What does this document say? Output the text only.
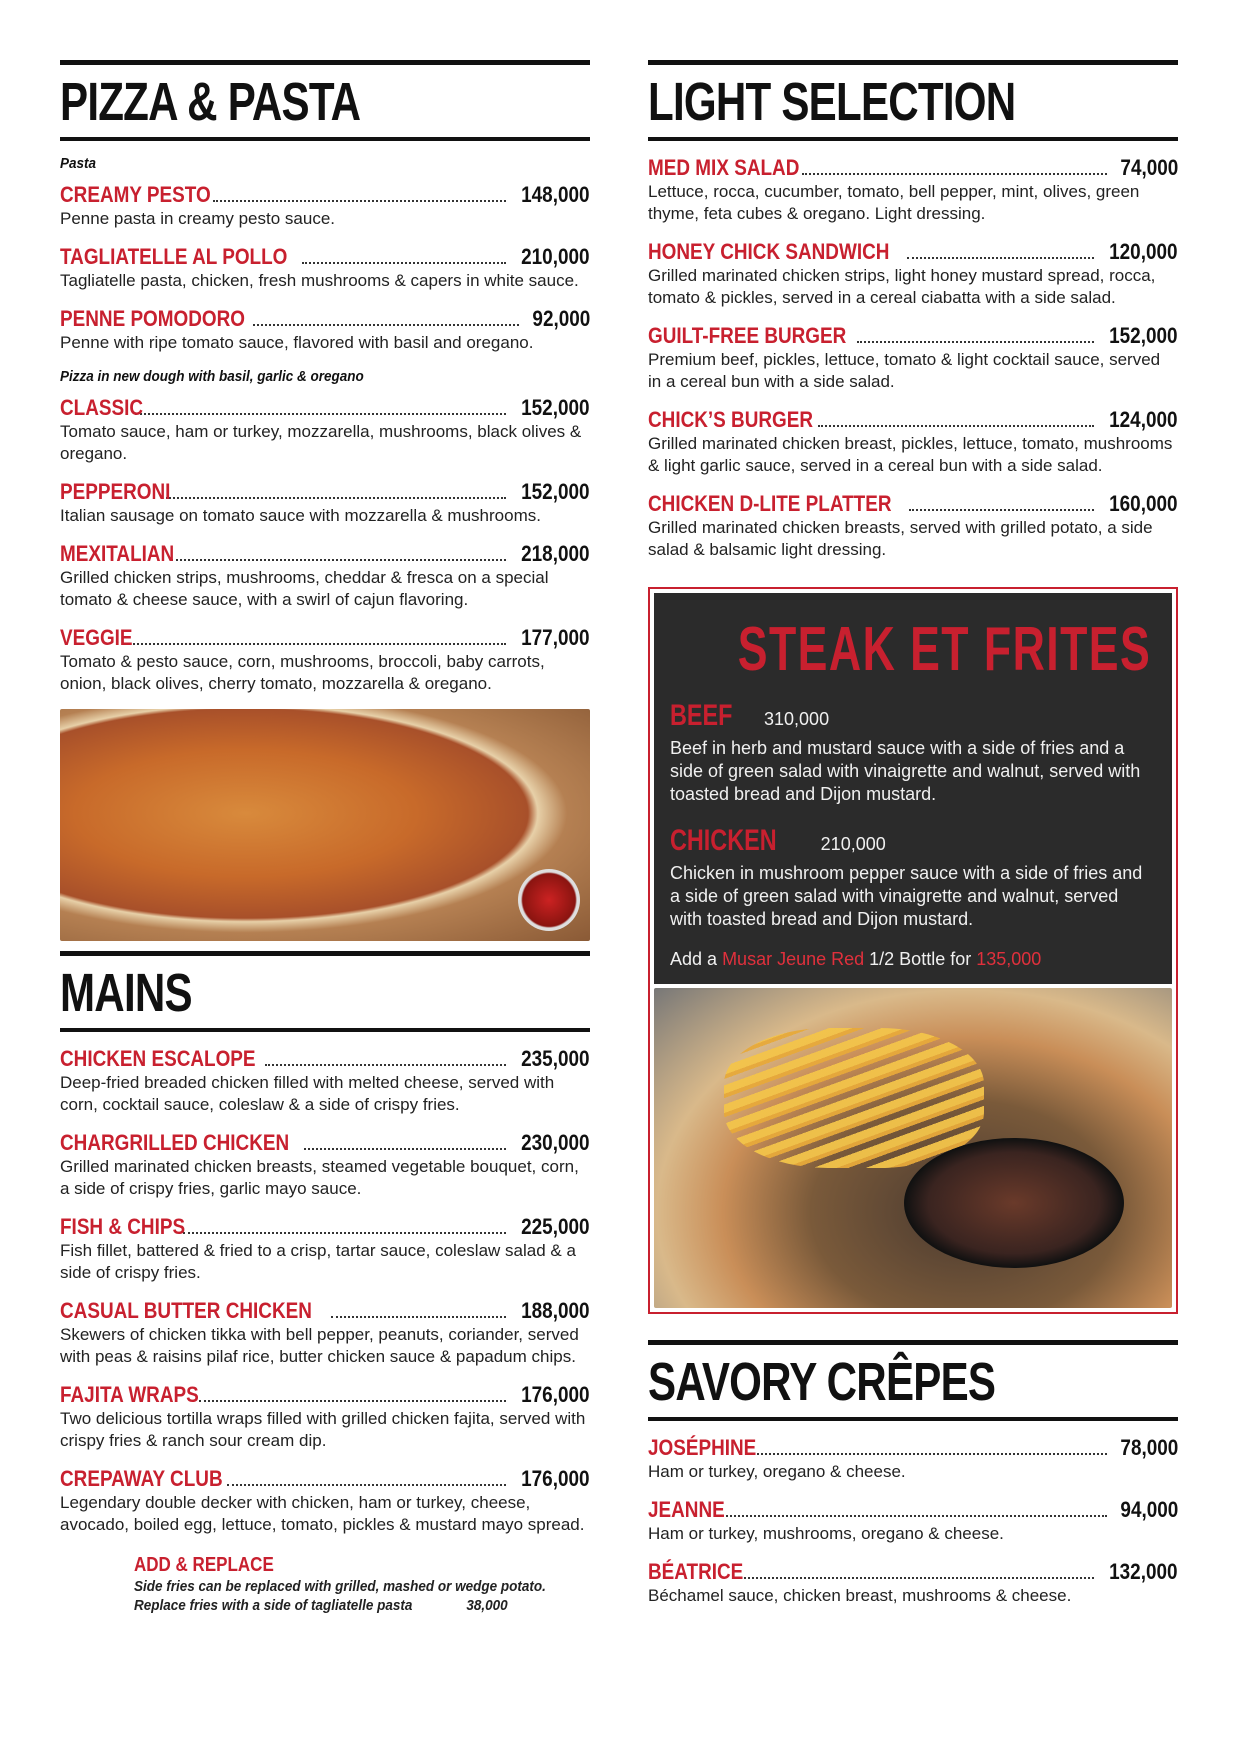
PIZZA & PASTA
Pasta
CREAMY PESTO	148,000
Penne pasta in creamy pesto sauce.
TAGLIATELLE AL POLLO	210,000
Tagliatelle pasta, chicken, fresh mushrooms & capers in white sauce.
PENNE POMODORO	92,000
Penne with ripe tomato sauce, flavored with basil and oregano.
Pizza in new dough with basil, garlic & oregano
CLASSIC	152,000
Tomato sauce, ham or turkey, mozzarella, mushrooms, black olives & oregano.
PEPPERONI	152,000
Italian sausage on tomato sauce with mozzarella & mushrooms.
MEXITALIAN	218,000
Grilled chicken strips, mushrooms, cheddar & fresca on a special tomato & cheese sauce, with a swirl of cajun flavoring.
VEGGIE	177,000
Tomato & pesto sauce, corn, mushrooms, broccoli, baby carrots, onion, black olives, cherry tomato, mozzarella & oregano.
MAINS
CHICKEN ESCALOPE	235,000
Deep-fried breaded chicken filled with melted cheese, served with corn, cocktail sauce, coleslaw & a side of crispy fries.
CHARGRILLED CHICKEN	230,000
Grilled marinated chicken breasts, steamed vegetable bouquet, corn, a side of crispy fries, garlic mayo sauce.
FISH & CHIPS	225,000
Fish fillet, battered & fried to a crisp, tartar sauce, coleslaw salad & a side of crispy fries.
CASUAL BUTTER CHICKEN	188,000
Skewers of chicken tikka with bell pepper, peanuts, coriander, served with peas & raisins pilaf rice, butter chicken sauce & papadum chips.
FAJITA WRAPS	176,000
Two delicious tortilla wraps filled with grilled chicken fajita, served with crispy fries & ranch sour cream dip.
CREPAWAY CLUB	176,000
Legendary double decker with chicken, ham or turkey, cheese, avocado, boiled egg, lettuce, tomato, pickles & mustard mayo spread.
ADD & REPLACE
Side fries can be replaced with grilled, mashed or wedge potato.
Replace fries with a side of tagliatelle pasta	38,000
LIGHT SELECTION
MED MIX SALAD	74,000
Lettuce, rocca, cucumber, tomato, bell pepper, mint, olives, green thyme, feta cubes & oregano. Light dressing.
HONEY CHICK SANDWICH	120,000
Grilled marinated chicken strips, light honey mustard spread, rocca, tomato & pickles, served in a cereal ciabatta with a side salad.
GUILT-FREE BURGER	152,000
Premium beef, pickles, lettuce, tomato & light cocktail sauce, served in a cereal bun with a side salad.
CHICK’S BURGER	124,000
Grilled marinated chicken breast, pickles, lettuce, tomato, mushrooms & light garlic sauce, served in a cereal bun with a side salad.
CHICKEN D-LITE PLATTER	160,000
Grilled marinated chicken breasts, served with grilled potato, a side salad & balsamic light dressing.
STEAK ET FRITES
BEEF 310,000
Beef in herb and mustard sauce with a side of fries and a side of green salad with vinaigrette and walnut, served with toasted bread and Dijon mustard.
CHICKEN 210,000
Chicken in mushroom pepper sauce with a side of fries and a side of green salad with vinaigrette and walnut, served with toasted bread and Dijon mustard.
Add a Musar Jeune Red 1/2 Bottle for 135,000
SAVORY CRÊPES
JOSÉPHINE	78,000
Ham or turkey, oregano & cheese.
JEANNE	94,000
Ham or turkey, mushrooms, oregano & cheese.
BÉATRICE	132,000
Béchamel sauce, chicken breast, mushrooms & cheese.
